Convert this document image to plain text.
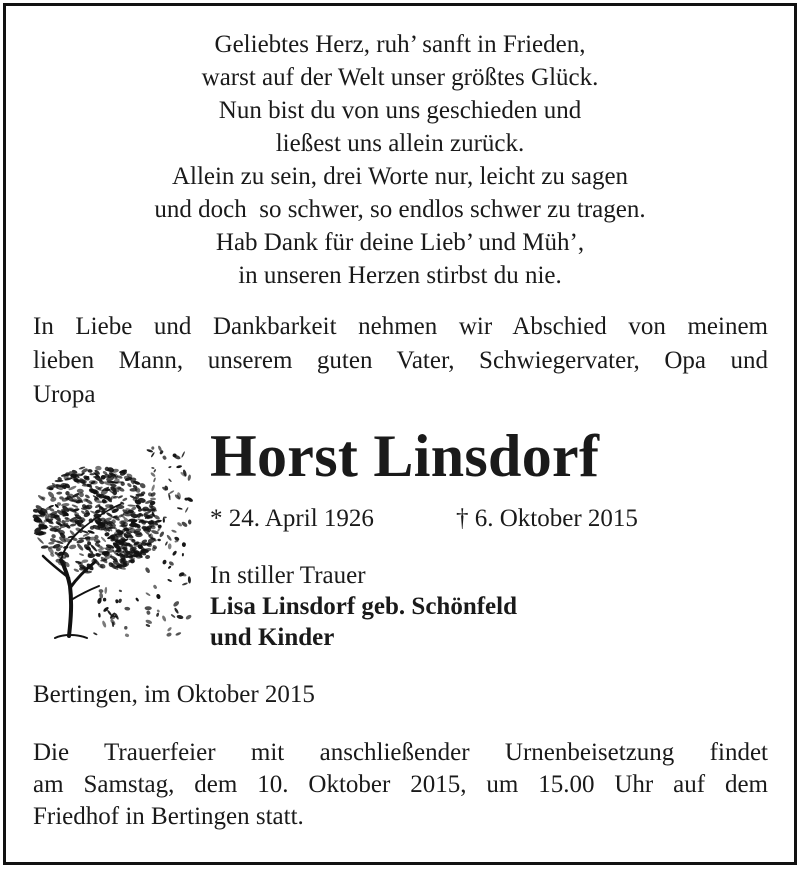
Geliebtes Herz, ruh’ sanft in Frieden,
warst auf der Welt unser größtes Glück.
Nun bist du von uns geschieden und
ließest uns allein zurück.
Allein zu sein, drei Worte nur, leicht zu sagen
und doch  so schwer, so endlos schwer zu tragen.
Hab Dank für deine Lieb’ und Müh’,
in unseren Herzen stirbst du nie.
In Liebe und Dankbarkeit nehmen wir Abschied von meinem
lieben Mann, unserem guten Vater, Schwiegervater, Opa und
Uropa
Horst Linsdorf
* 24. April 1926	† 6. Oktober 2015
In stiller Trauer
Lisa Linsdorf geb. Schönfeld
und Kinder
Bertingen, im Oktober 2015
Die Trauerfeier mit anschließender Urnenbeisetzung findet
am Samstag, dem 10. Oktober 2015, um 15.00 Uhr auf dem
Friedhof in Bertingen statt.
